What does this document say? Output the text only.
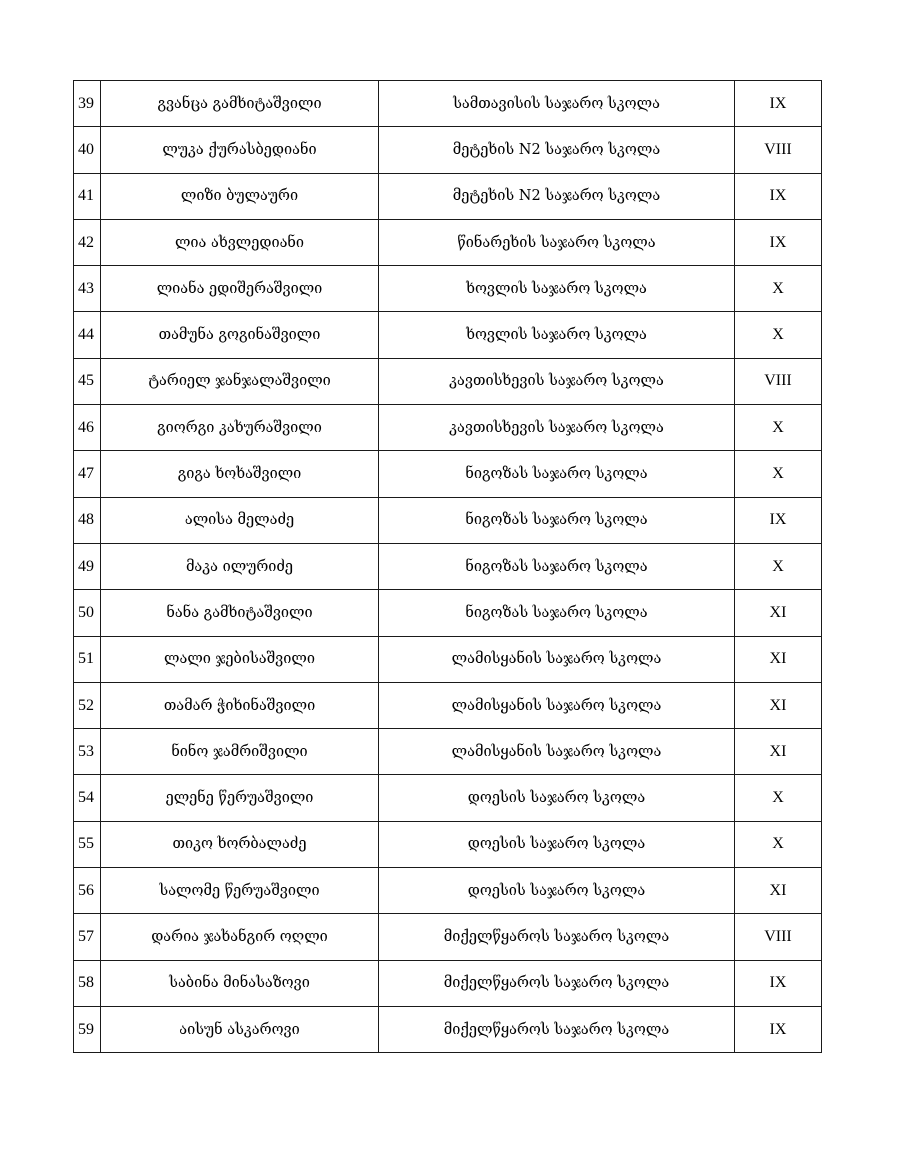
39	გვანცა გამხიტაშვილი	სამთავისის საჯარო სკოლა	IX
40	ლუკა ქურასბედიანი	მეტეხის N2 საჯარო სკოლა	VIII
41	ლიზი ბულაური	მეტეხის N2 საჯარო სკოლა	IX
42	ლია ახვლედიანი	წინარეხის საჯარო სკოლა	IX
43	ლიანა ედიშერაშვილი	ხოვლის საჯარო სკოლა	X
44	თამუნა გოგინაშვილი	ხოვლის საჯარო სკოლა	X
45	ტარიელ ჯანჯალაშვილი	კავთისხევის საჯარო სკოლა	VIII
46	გიორგი კახურაშვილი	კავთისხევის საჯარო სკოლა	X
47	გიგა ხოხაშვილი	ნიგოზას საჯარო სკოლა	X
48	ალისა მელაძე	ნიგოზას საჯარო სკოლა	IX
49	მაკა ილურიძე	ნიგოზას საჯარო სკოლა	X
50	ნანა გამხიტაშვილი	ნიგოზას საჯარო სკოლა	XI
51	ლალი ჯებისაშვილი	ლამისყანის საჯარო სკოლა	XI
52	თამარ ჭიხინაშვილი	ლამისყანის საჯარო სკოლა	XI
53	ნინო ჯამრიშვილი	ლამისყანის საჯარო სკოლა	XI
54	ელენე წერუაშვილი	დოესის საჯარო სკოლა	X
55	თიკო ხორბალაძე	დოესის საჯარო სკოლა	X
56	სალომე წერუაშვილი	დოესის საჯარო სკოლა	XI
57	დარია ჯახანგირ ოღლი	მიქელწყაროს საჯარო სკოლა	VIII
58	საბინა მინასაზოვი	მიქელწყაროს საჯარო სკოლა	IX
59	აისუნ ასკაროვი	მიქელწყაროს საჯარო სკოლა	IX
